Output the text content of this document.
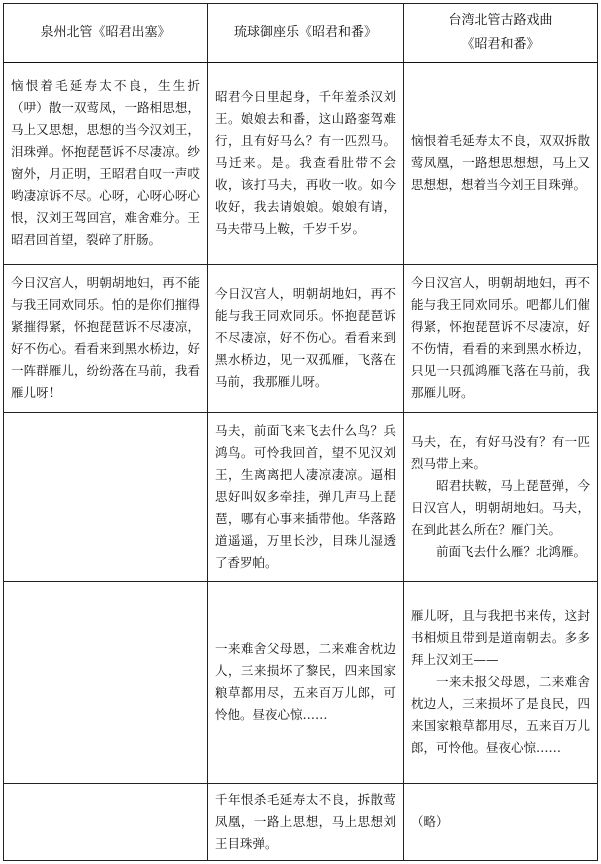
泉州北管《昭君出塞》	琉球御座乐《昭君和番》	台湾北管古路戏曲
《昭君和番》
恼恨着毛延寿太不良，生生折（吚）散一双莺凤，一路相思想，马上又思想，思想的当今汉刘王，泪珠弹。怀抱琵琶诉不尽凄凉。纱窗外，月正明，王昭君自叹一声哎哟凄凉诉不尽。心呀，心呀心呀心恨，汉刘王驾回宫，难舍难分。王昭君回首望，裂碎了肝肠。	昭君今日里起身，千年羞杀汉刘王。娘娘去和番，这山路銮驾难行，且有好马么？有一匹烈马。马迁来。是。我查看肚带不会收，该打马夫，再收一收。如今收好，我去请娘娘。娘娘有请，马夫带马上鞍，千岁千岁。	恼恨着毛延寿太不良，双双拆散莺凤凰，一路想思想想，马上又思想想，想着当今刘王目珠弹。
今日汉宫人，明朝胡地妇，再不能与我王同欢同乐。怕的是你们摧得紧摧得紧，怀抱琵琶诉不尽凄凉，好不伤心。看看来到黑水桥边，好一阵群雁儿，纷纷落在马前，我看雁儿呀！	今日汉宫人，明朝胡地妇，再不能与我王同欢同乐。怀抱琵琶诉不尽凄凉，好不伤心。看看来到黑水桥边，见一双孤雁，飞落在马前，我那雁儿呀。	今日汉宫人，明朝胡地妇，再不能与我王同欢同乐。吧都儿们催得紧，怀抱琵琶诉不尽凄凉，好不伤情，看看的来到黑水桥边，只见一只孤鸿雁飞落在马前，我那雁儿呀。
	马夫，前面飞来飞去什么鸟？兵鸿鸟。可怜我回首，望不见汉刘王，生离离把人凄凉凄凉。逼相思好叫奴多牵挂，弹几声马上琵琶，哪有心事来插带他。华落路道遥遥，万里长沙，目珠儿湿透了香罗帕。	马夫，在，有好马没有？有一匹烈马带上来。
昭君扶鞍，马上琵琶弹，今日汉宫人，明朝胡地妇。马夫，在到此甚么所在？雁门关。
前面飞去什么雁？北鸿雁。

	一来难舍父母恩，二来难舍枕边人，三来损坏了黎民，四来国家粮草都用尽，五来百万儿郎，可怜他。昼夜心惊……	雁儿呀，且与我把书来传，这封书相烦且带到是道南朝去。多多拜上汉刘王——
一来未报父母恩，二来难舍枕边人，三来损坏了是良民，四来国家粮草都用尽，五来百万儿郎，可怜他。昼夜心惊……

	千年恨杀毛延寿太不良，拆散莺凤凰，一路上思想，马上思想刘王目珠弹。	（略）
